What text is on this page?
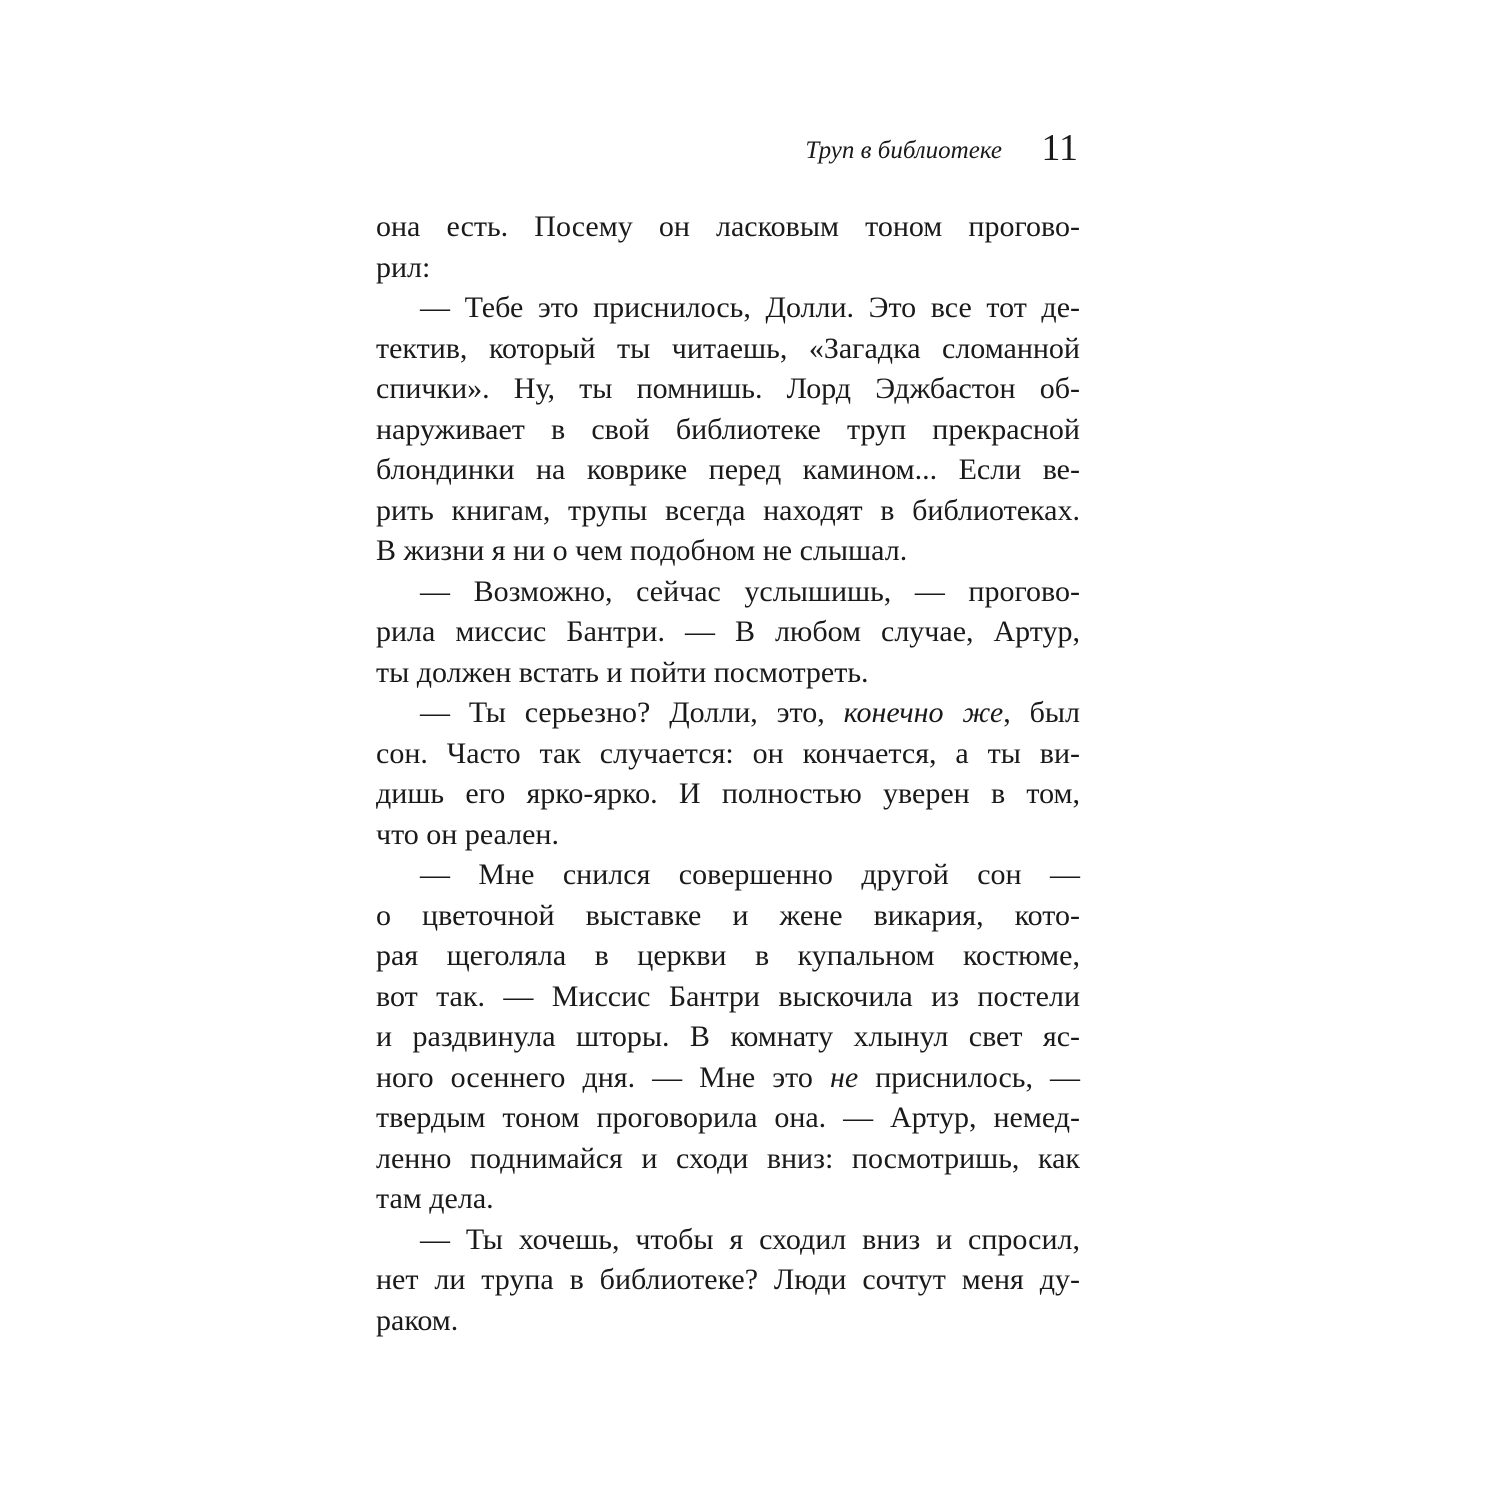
Труп в библиотеке 11
она есть. Посему он ласковым тоном прогово-
рил:
— Тебе это приснилось, Долли. Это все тот де-
тектив, который ты читаешь, «Загадка сломанной
спички». Ну, ты помнишь. Лорд Эджбастон об-
наруживает в свой библиотеке труп прекрасной
блондинки на коврике перед камином... Если ве-
рить книгам, трупы всегда находят в библиотеках.
В жизни я ни о чем подобном не слышал.
— Возможно, сейчас услышишь, — прогово-
рила миссис Бантри. — В любом случае, Артур,
ты должен встать и пойти посмотреть.
— Ты серьезно? Долли, это, конечно же, был
сон. Часто так случается: он кончается, а ты ви-
дишь его ярко-ярко. И полностью уверен в том,
что он реален.
— Мне снился совершенно другой сон —
о цветочной выставке и жене викария, кото-
рая щеголяла в церкви в купальном костюме,
вот так. — Миссис Бантри выскочила из постели
и раздвинула шторы. В комнату хлынул свет яс-
ного осеннего дня. — Мне это не приснилось, —
твердым тоном проговорила она. — Артур, немед-
ленно поднимайся и сходи вниз: посмотришь, как
там дела.
— Ты хочешь, чтобы я сходил вниз и спросил,
нет ли трупа в библиотеке? Люди сочтут меня ду-
раком.
